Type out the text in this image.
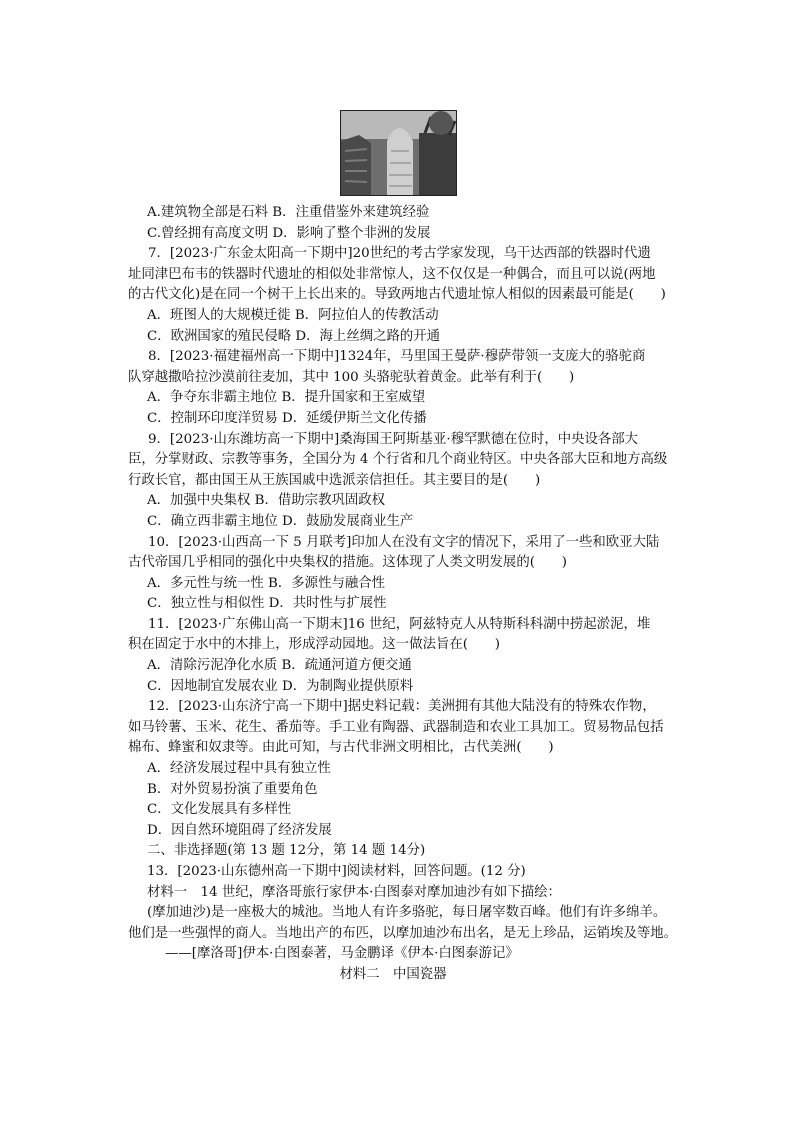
A.建筑物全部是石料 B．注重借鉴外来建筑经验
C.曾经拥有高度文明 D．影响了整个非洲的发展
7．[2023·广东金太阳高一下期中]20世纪的考古学家发现，乌干达西部的铁器时代遗
址同津巴布韦的铁器时代遗址的相似处非常惊人，这不仅仅是一种偶合，而且可以说(两地
的古代文化)是在同一个树干上长出来的。导致两地古代遗址惊人相似的因素最可能是(　　)
A．班图人的大规模迁徙 B．阿拉伯人的传教活动
C．欧洲国家的殖民侵略 D．海上丝绸之路的开通
8．[2023·福建福州高一下期中]1324年，马里国王曼萨·穆萨带领一支庞大的骆驼商
队穿越撒哈拉沙漠前往麦加，其中 100 头骆驼驮着黄金。此举有利于(　　)
A．争夺东非霸主地位 B．提升国家和王室威望
C．控制环印度洋贸易 D．延缓伊斯兰文化传播
9．[2023·山东潍坊高一下期中]桑海国王阿斯基亚·穆罕默德在位时，中央设各部大
臣，分掌财政、宗教等事务，全国分为 4 个行省和几个商业特区。中央各部大臣和地方高级
行政长官，都由国王从王族国戚中选派亲信担任。其主要目的是(　　)
A．加强中央集权 B．借助宗教巩固政权
C．确立西非霸主地位 D．鼓励发展商业生产
10．[2023·山西高一下 5 月联考]印加人在没有文字的情况下，采用了一些和欧亚大陆
古代帝国几乎相同的强化中央集权的措施。这体现了人类文明发展的(　　)
A．多元性与统一性 B．多源性与融合性
C．独立性与相似性 D．共时性与扩展性
11．[2023·广东佛山高一下期末]16 世纪，阿兹特克人从特斯科科湖中捞起淤泥，堆
积在固定于水中的木排上，形成浮动园地。这一做法旨在(　　)
A．清除污泥净化水质 B．疏通河道方便交通
C．因地制宜发展农业 D．为制陶业提供原料
12．[2023·山东济宁高一下期中]据史料记载：美洲拥有其他大陆没有的特殊农作物，
如马铃薯、玉米、花生、番茄等。手工业有陶器、武器制造和农业工具加工。贸易物品包括
棉布、蜂蜜和奴隶等。由此可知，与古代非洲文明相比，古代美洲(　　)
A．经济发展过程中具有独立性
B．对外贸易扮演了重要角色
C．文化发展具有多样性
D．因自然环境阻碍了经济发展
二、非选择题(第 13 题 12分，第 14 题 14分)
13．[2023·山东德州高一下期中]阅读材料，回答问题。(12 分)
材料一　14 世纪，摩洛哥旅行家伊本·白图泰对摩加迪沙有如下描绘：
(摩加迪沙)是一座极大的城池。当地人有许多骆驼，每日屠宰数百峰。他们有许多绵羊。
他们是一些强悍的商人。当地出产的布匹，以摩加迪沙布出名，是无上珍品，运销埃及等地。
——[摩洛哥]伊本·白图泰著，马金鹏译《伊本·白图泰游记》
材料二　中国瓷器
